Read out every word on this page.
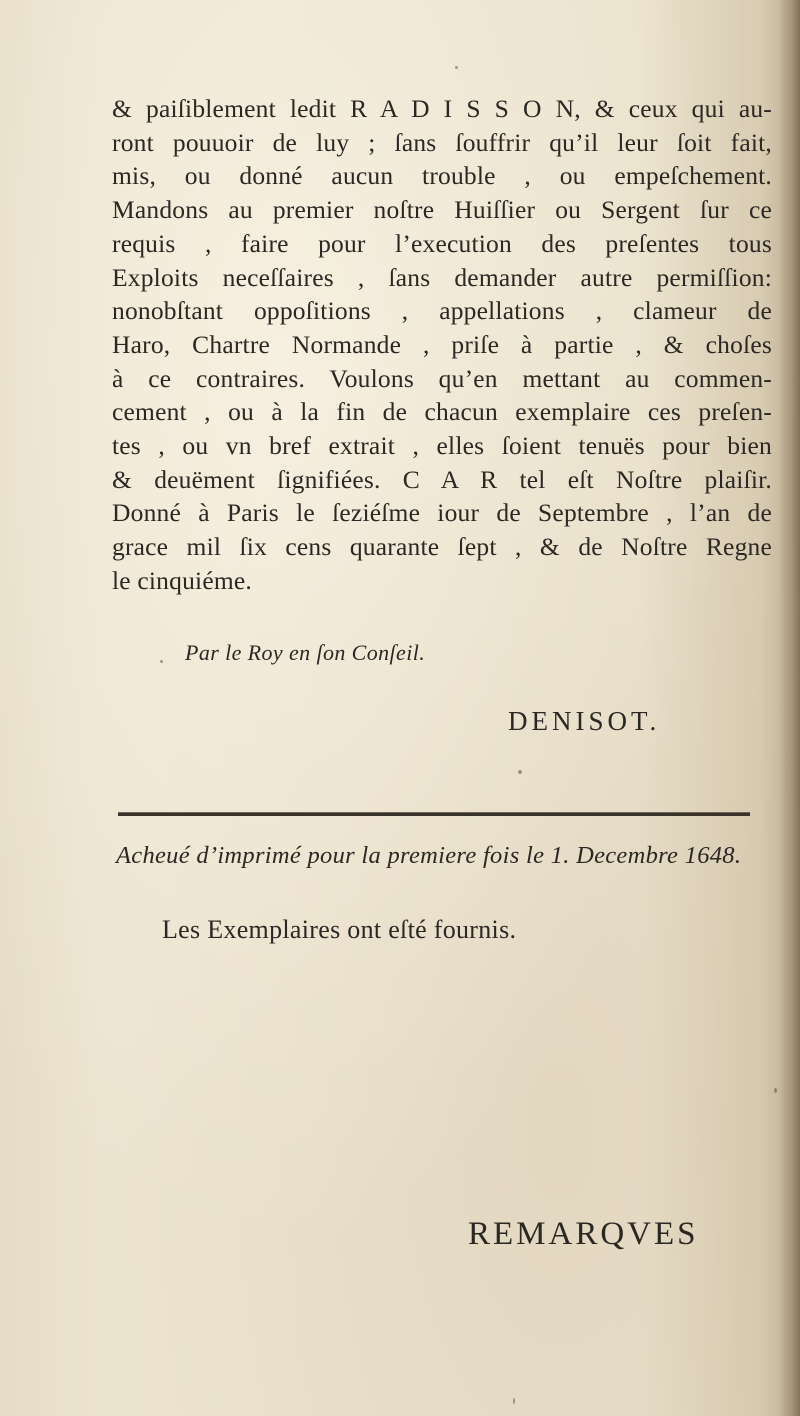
& paiſiblement ledit R A D I S S O N, & ceux qui au-
ront pouuoir de luy ; ſans ſouffrir qu’il leur ſoit fait,
mis, ou donné aucun trouble , ou empeſchement.
Mandons au premier noſtre Huiſſier ou Sergent ſur ce
requis , faire pour l’execution des preſentes tous
Exploits neceſſaires , ſans demander autre permiſſion:
nonobſtant oppoſitions , appellations , clameur de
Haro, Chartre Normande , priſe à partie , & choſes
à ce contraires. Voulons qu’en mettant au commen-
cement , ou à la fin de chacun exemplaire ces preſen-
tes , ou vn bref extrait , elles ſoient tenuës pour bien
& deuëment ſignifiées. C A R tel eſt Noſtre plaiſir.
Donné à Paris le ſeziéſme iour de Septembre , l’an de
grace mil ſix cens quarante ſept , & de Noſtre Regne
le cinquiéme.

Par le Roy en ſon Conſeil.

DENISOT.

Acheué d’imprimé pour la premiere fois le 1. Decembre 1648.

Les Exemplaires ont eſté fournis.

REMARQVES
